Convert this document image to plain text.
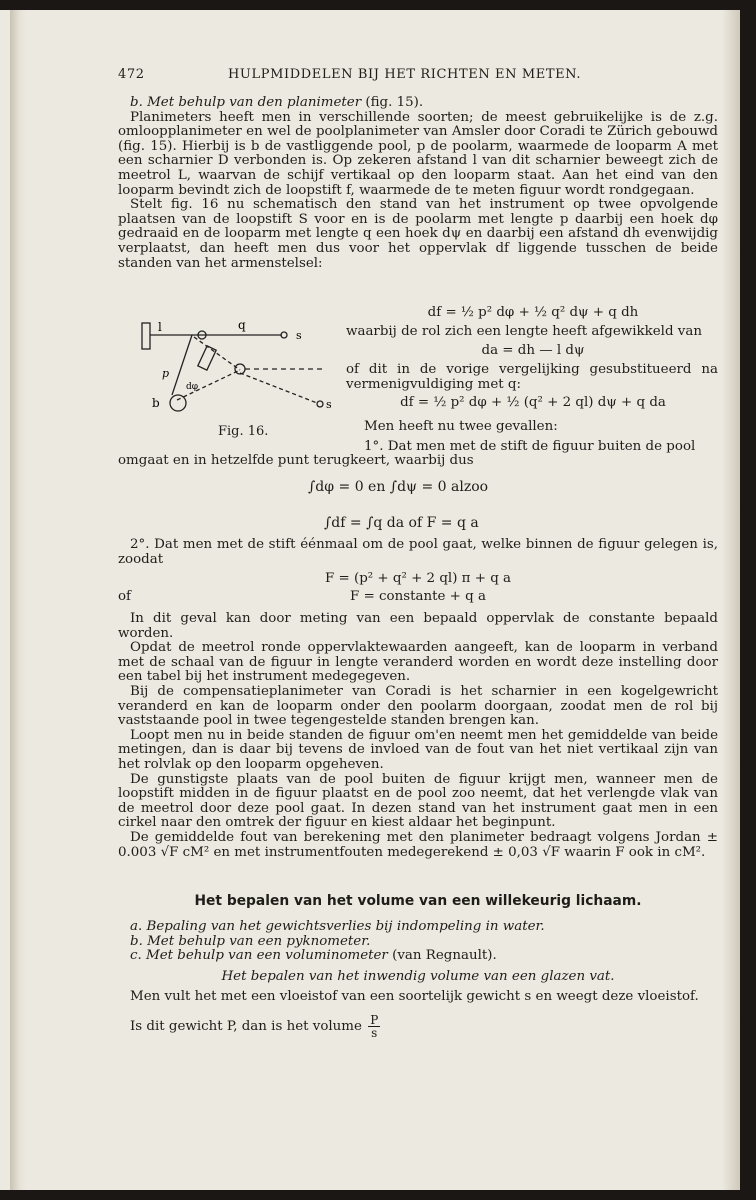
472	HULPMIDDELEN BIJ HET RICHTEN EN METEN.

b. Met behulp van den planimeter (fig. 15).

Planimeters heeft men in verschillende soorten; de meest gebruikelijke is de z.g. omloopplanimeter en wel de poolplanimeter van Amsler door Coradi te Zürich gebouwd (fig. 15). Hierbij is b de vastliggende pool, p de poolarm, waarmede de looparm A met een scharnier D verbonden is. Op zekeren afstand l van dit scharnier beweegt zich de meetrol L, waarvan de schijf vertikaal op den looparm staat. Aan het eind van den looparm bevindt zich de loopstift f, waarmede de te meten figuur wordt rondgegaan.

Stelt fig. 16 nu schematisch den stand van het instrument op twee opvolgende plaatsen van de loopstift S voor en is de poolarm met lengte p daarbij een hoek dφ gedraaid en de looparm met lengte q een hoek dψ en daarbij een afstand dh evenwijdig verplaatst, dan heeft men dus voor het oppervlak df liggende tusschen de beide standen van het armenstelsel:

l	q
s
s
b
p
dφ
Fig. 16.
df = ½ p² dφ + ½ q² dψ + q dh
waarbij de rol zich een lengte heeft afgewikkeld van
da = dh — l dψ
of dit in de vorige vergelijking gesubstitueerd na vermenigvuldiging met q:
df = ½ p² dφ + ½ (q² + 2 ql) dψ + q da
Men heeft nu twee gevallen:
1°. Dat men met de stift de figuur buiten de pool
omgaat en in hetzelfde punt terugkeert, waarbij dus
∫dφ = 0 en ∫dψ = 0 alzoo
∫df = ∫q da of F = q a

2°. Dat men met de stift éénmaal om de pool gaat, welke binnen de figuur gelegen is, zoodat

F = (p² + q² + 2 ql) π + q a
of	F = constante + q a

In dit geval kan door meting van een bepaald oppervlak de constante bepaald worden.

Opdat de meetrol ronde oppervlaktewaarden aangeeft, kan de looparm in verband met de schaal van de figuur in lengte veranderd worden en wordt deze instelling door een tabel bij het instrument medegegeven.

Bij de compensatieplanimeter van Coradi is het scharnier in een kogelgewricht veranderd en kan de looparm onder den poolarm doorgaan, zoodat men de rol bij vaststaande pool in twee tegengestelde standen brengen kan.

Loopt men nu in beide standen de figuur om'en neemt men het gemiddelde van beide metingen, dan is daar bij tevens de invloed van de fout van het niet vertikaal zijn van het rolvlak op den looparm opgeheven.

De gunstigste plaats van de pool buiten de figuur krijgt men, wanneer men de loopstift midden in de figuur plaatst en de pool zoo neemt, dat het verlengde vlak van de meetrol door deze pool gaat. In dezen stand van het instrument gaat men in een cirkel naar den omtrek der figuur en kiest aldaar het beginpunt.

De gemiddelde fout van berekening met den planimeter bedraagt volgens Jordan ± 0.003 √F cM² en met instrumentfouten medegerekend ± 0,03 √F waarin F ook in cM².

Het bepalen van het volume van een willekeurig lichaam.
a. Bepaling van het gewichtsverlies bij indompeling in water.
b. Met behulp van een pyknometer.
c. Met behulp van een voluminometer (van Regnault).
Het bepalen van het inwendig volume van een glazen vat.

Men vult het met een vloeistof van een soortelijk gewicht s en weegt deze vloeistof.

Is dit gewicht P, dan is het volume $\frac{P}{s}$
